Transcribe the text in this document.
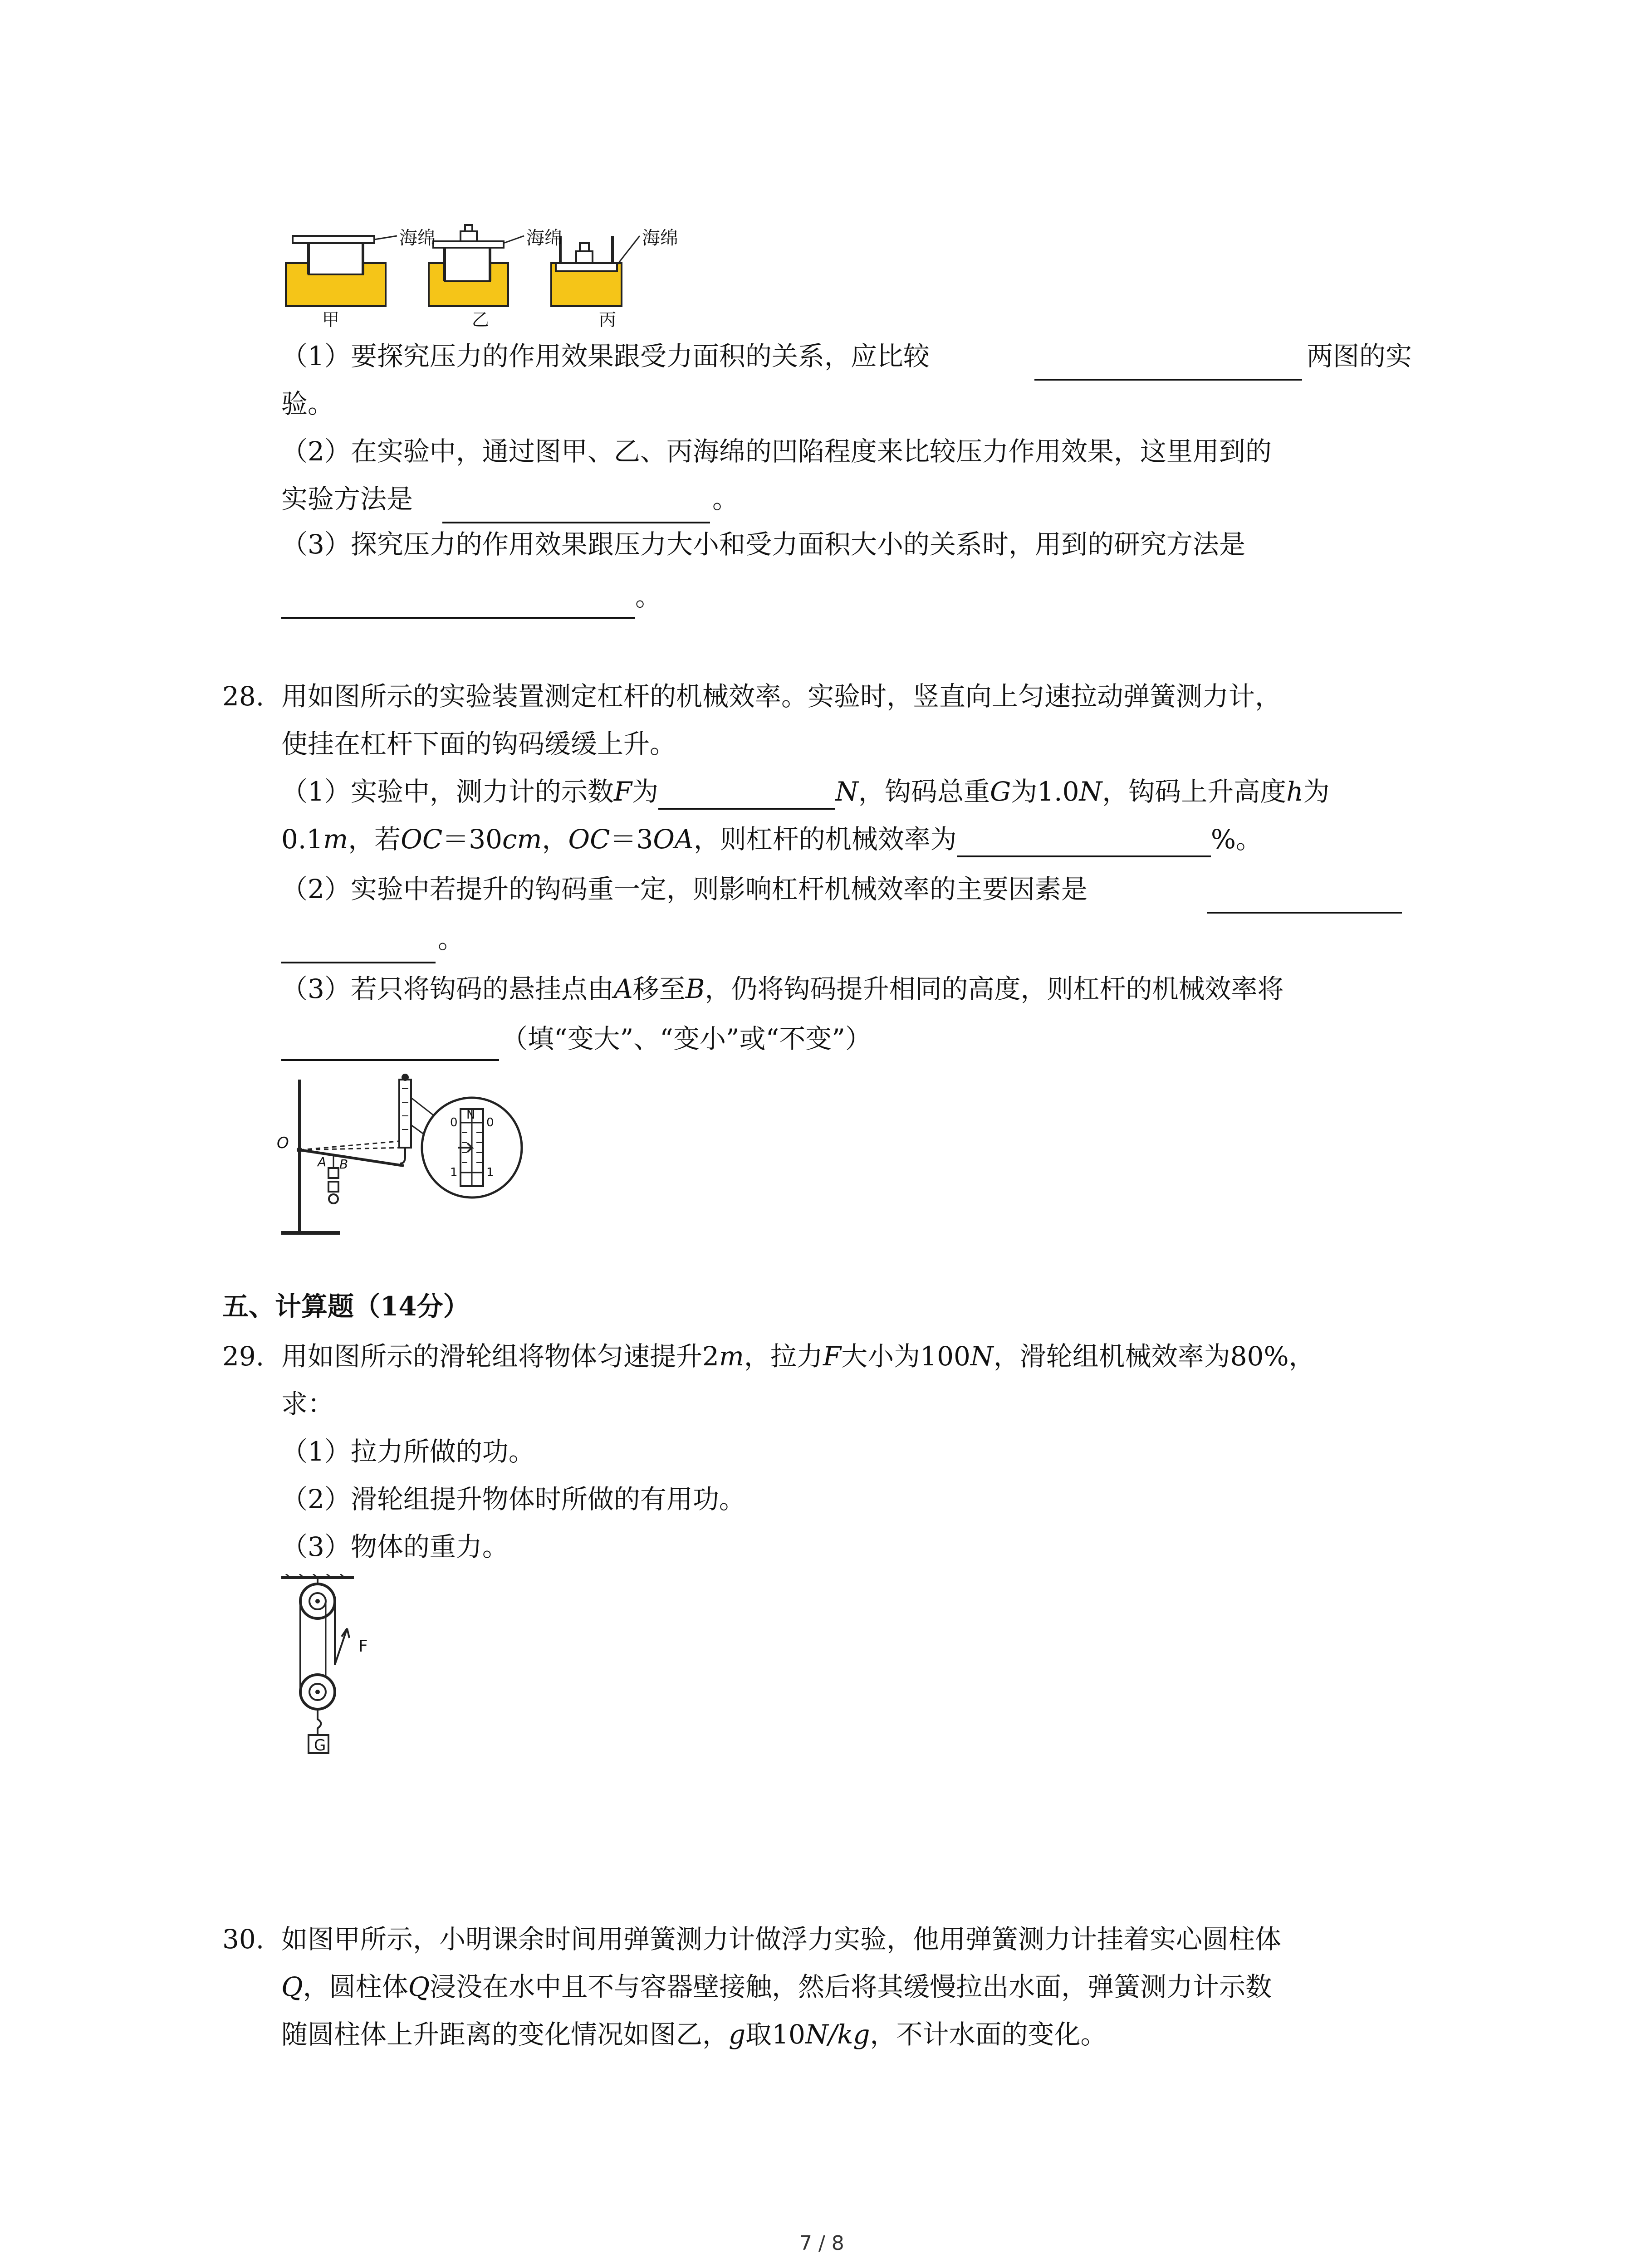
海绵	海绵	海绵
甲	乙	丙
（1）要探究压力的作用效果跟受力面积的关系，应比较	两图的实
验。
（2）在实验中，通过图甲、乙、丙海绵的凹陷程度来比较压力作用效果，这里用到的
实验方法是	。
（3）探究压力的作用效果跟压力大小和受力面积大小的关系时，用到的研究方法是
。
28. 用如图所示的实验装置测定杠杆的机械效率。实验时，竖直向上匀速拉动弹簧测力计，
使挂在杠杆下面的钩码缓缓上升。
（1）实验中，测力计的示数F为	N，钩码总重G为1.0N，钩码上升高度h为
0.1m，若OC＝30cm，OC＝3OA，则杠杆的机械效率为	%。
（2）实验中若提升的钩码重一定，则影响杠杆机械效率的主要因素是
。
（3）若只将钩码的悬挂点由A移至B，仍将钩码提升相同的高度，则杠杆的机械效率将
（填“变大”、“变小”或“不变”）
O
A B
N
0 0
1 1
五、计算题（14分）
29. 用如图所示的滑轮组将物体匀速提升2m，拉力F大小为100N，滑轮组机械效率为80%，
求：
（1）拉力所做的功。
（2）滑轮组提升物体时所做的有用功。
（3）物体的重力。
F
G
30. 如图甲所示，小明课余时间用弹簧测力计做浮力实验，他用弹簧测力计挂着实心圆柱体
Q，圆柱体Q浸没在水中且不与容器壁接触，然后将其缓慢拉出水面，弹簧测力计示数
随圆柱体上升距离的变化情况如图乙，g取10N/kg，不计水面的变化。
7 / 8
